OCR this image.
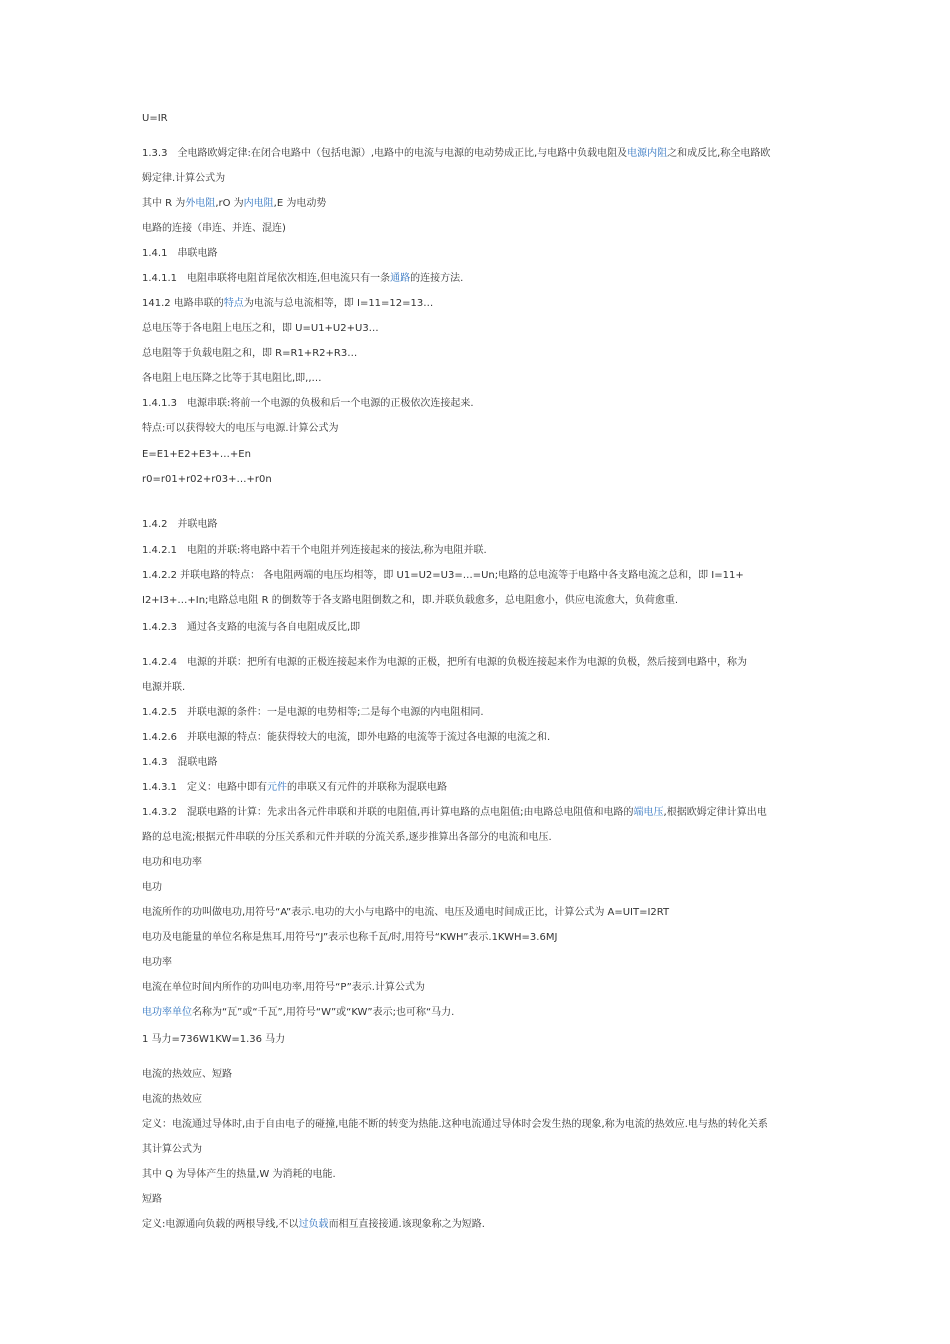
U=IR
1.3.3　全电路欧姆定律:在闭合电路中（包括电源）,电路中的电流与电源的电动势成正比,与电路中负载电阻及电源内阻之和成反比,称全电路欧
姆定律.计算公式为
其中 R 为外电阻,rO 为内电阻,E 为电动势
电路的连接（串连、并连、混连)
1.4.1　串联电路
1.4.1.1　电阻串联将电阻首尾依次相连,但电流只有一条通路的连接方法.
141.2 电路串联的特点为电流与总电流相等，即 I=11=12=13…
总电压等于各电阻上电压之和，即 U=U1+U2+U3…
总电阻等于负载电阻之和，即 R=R1+R2+R3…
各电阻上电压降之比等于其电阻比,即,,…
1.4.1.3　电源串联:将前一个电源的负极和后一个电源的正极依次连接起来.
特点:可以获得较大的电压与电源.计算公式为
E=E1+E2+E3+…+En
r0=r01+r02+r03+…+r0n
1.4.2　并联电路
1.4.2.1　电阻的并联:将电路中若干个电阻并列连接起来的接法,称为电阻并联.
1.4.2.2 并联电路的特点： 各电阻两端的电压均相等，即 U1=U2=U3=…=Un;电路的总电流等于电路中各支路电流之总和，即 I=11+
I2+I3+…+In;电路总电阻 R 的倒数等于各支路电阻倒数之和，即.并联负载愈多，总电阻愈小，供应电流愈大，负荷愈重.
1.4.2.3　通过各支路的电流与各自电阻成反比,即
1.4.2.4　电源的并联：把所有电源的正极连接起来作为电源的正极，把所有电源的负极连接起来作为电源的负极，然后接到电路中，称为
电源并联.
1.4.2.5　并联电源的条件：一是电源的电势相等;二是每个电源的内电阻相同.
1.4.2.6　并联电源的特点：能获得较大的电流，即外电路的电流等于流过各电源的电流之和.
1.4.3　混联电路
1.4.3.1　定义：电路中即有元件的串联又有元件的并联称为混联电路
1.4.3.2　混联电路的计算：先求出各元件串联和并联的电阻值,再计算电路的点电阻值;由电路总电阻值和电路的端电压,根据欧姆定律计算出电
路的总电流;根据元件串联的分压关系和元件并联的分流关系,逐步推算出各部分的电流和电压.
电功和电功率
电功
电流所作的功叫做电功,用符号“A”表示.电功的大小与电路中的电流、电压及通电时间成正比，计算公式为 A=UIT=I2RT
电功及电能量的单位名称是焦耳,用符号“J”表示也称千瓦/时,用符号“KWH”表示.1KWH=3.6MJ
电功率
电流在单位时间内所作的功叫电功率,用符号“P”表示.计算公式为
电功率单位名称为“瓦”或“千瓦”,用符号“W”或“KW”表示;也可称“马力.
1 马力=736W1KW=1.36 马力
电流的热效应、短路
电流的热效应
定义：电流通过导体时,由于自由电子的碰撞,电能不断的转变为热能.这种电流通过导体时会发生热的现象,称为电流的热效应.电与热的转化关系
其计算公式为
其中 Q 为导体产生的热量,W 为消耗的电能.
短路
定义:电源通向负载的两根导线,不以过负载而相互直接接通.该现象称之为短路.
